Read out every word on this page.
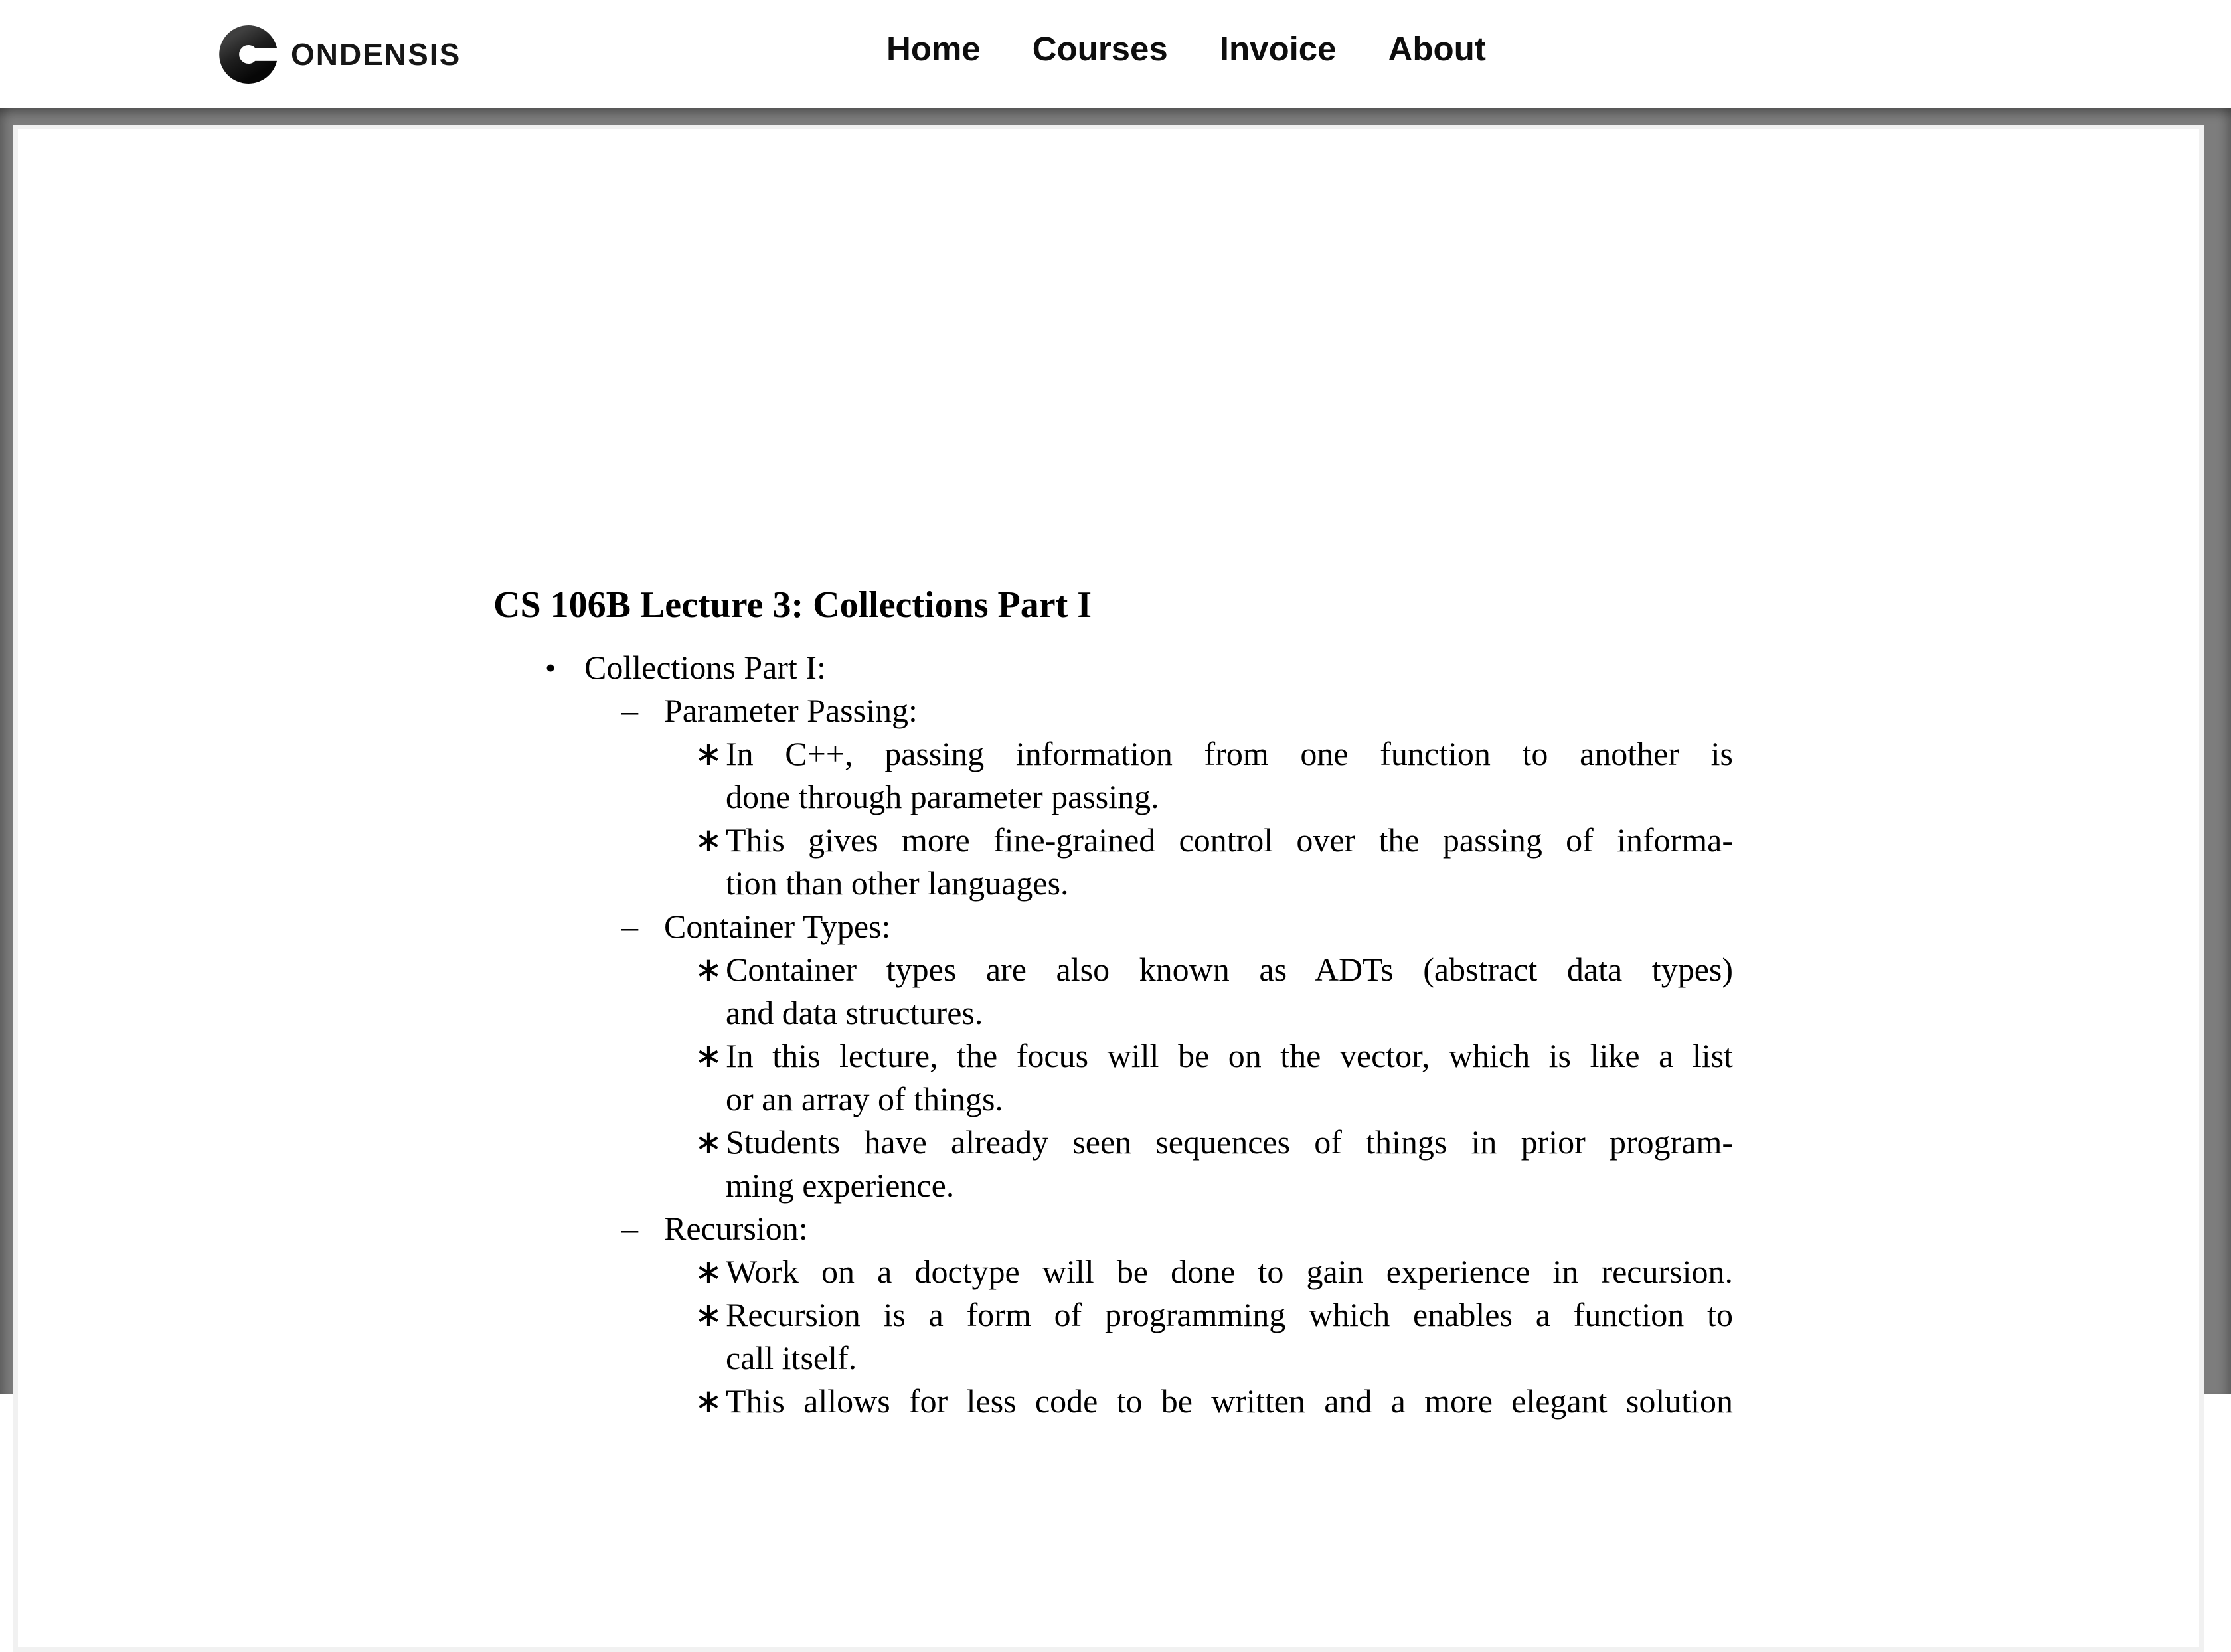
ONDENSIS	Home Courses Invoice About
CS 106B Lecture 3: Collections Part I
• Collections Part I:
– Parameter Passing:
∗ In C++, passing information from one function to another is
done through parameter passing.
∗ This gives more fine-grained control over the passing of informa-
tion than other languages.
– Container Types:
∗ Container types are also known as ADTs (abstract data types)
and data structures.
∗ In this lecture, the focus will be on the vector, which is like a list
or an array of things.
∗ Students have already seen sequences of things in prior program-
ming experience.
– Recursion:
∗ Work on a doctype will be done to gain experience in recursion.
∗ Recursion is a form of programming which enables a function to
call itself.
∗ This allows for less code to be written and a more elegant solution
